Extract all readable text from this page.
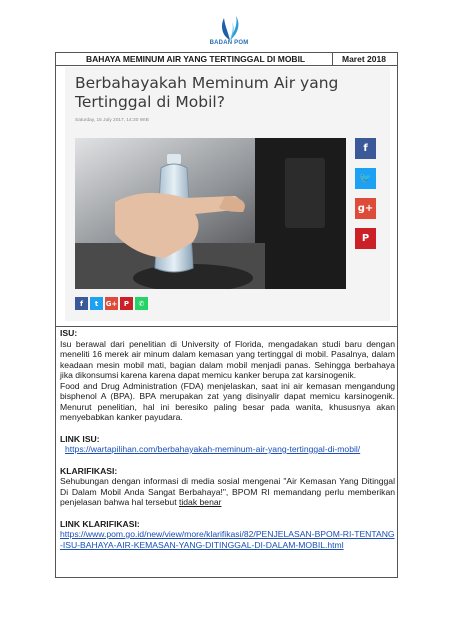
BADAN POM
BAHAYA MEMINUM AIR YANG TERTINGGAL DI MOBIL	Maret 2018
Berbahayakah Meminum Air yang Tertinggal di Mobil?
Saturday, 15 July 2017, 14:30 WIB
f
🐦
g+
P
f t G+ P ✆

ISU:

Isu berawal dari penelitian di University of Florida, mengadakan studi baru dengan meneliti 16 merek air minum dalam kemasan yang tertinggal di mobil. Pasalnya, dalam keadaan mesin mobil mati, bagian dalam mobil menjadi panas. Sehingga berbahaya jika dikonsumsi karena karena dapat memicu kanker berupa zat karsinogenik.

Food and Drug Administration (FDA) menjelaskan, saat ini air kemasan mengandung bisphenol A (BPA). BPA merupakan zat yang disinyalir dapat memicu karsinogenik. Menurut penelitian, hal ini beresiko paling besar pada wanita, khususnya akan menyebabkan kanker payudara.

LINK ISU:

https://wartapilihan.com/berbahayakah-meminum-air-yang-tertinggal-di-mobil/

KLARIFIKASI:

Sehubungan dengan informasi di media sosial mengenai "Air Kemasan Yang Ditinggal Di Dalam Mobil Anda Sangat Berbahaya!", BPOM RI memandang perlu memberikan penjelasan bahwa hal tersebut tidak benar

LINK KLARIFIKASI:

https://www.pom.go.id/new/view/more/klarifikasi/82/PENJELASAN-BPOM-RI-TENTANG-ISU-BAHAYA-AIR-KEMASAN-YANG-DITINGGAL-DI-DALAM-MOBIL.html
